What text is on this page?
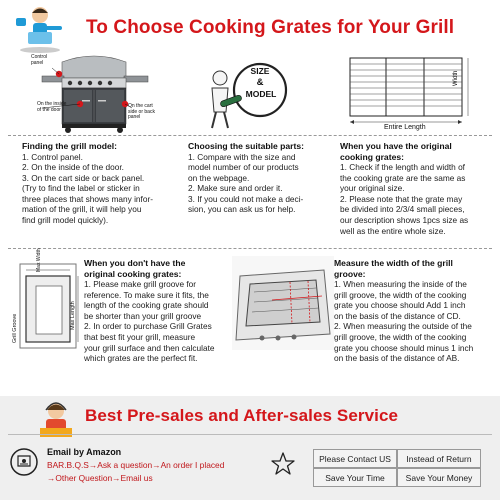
To Choose Cooking Grates for Your Grill
Control panel
On the inside of the door
On the cart side or back panel
SIZE
&
MODEL
Width
Entire Length
Finding the grill model:
1. Control panel.
2. On the inside of the door.
3. On the cart side or back panel.
(Try to find the label or sticker in
three places that shows many infor-
mation of the grill, it will help you
find grill model quickly).
Choosing the suitable parts:
1. Compare with the size and
model number of our products
on the webpage.
2. Make sure and order it.
3. If you could not make a deci-
sion, you can ask us for help.
When you have the original
cooking grates:
1. Check if the length and width of
the cooking grate are the same as
your original size.
2. Please note that the grate may
be divided into 2/3/4 small pieces,
our description shows 1pcs size as
well as the entire whole size.
Max Width
Grill Groove	Max Length
When you don't have the
original cooking grates:
1. Please make grill groove for
reference. To make sure it fits, the
length of the cooking grate should
be shorter than your grill groove
2. In order to purchase Grill Grates
that best fit your grill, measure
your grill surface and then calculate
which grates are the perfect fit.
Measure the width of the grill
groove:
1. When measuring the inside of the
grill groove, the width of the cooking
grate you choose should Add 1 inch
on the basis of the distance of CD.
2. When measuring the outside of the
grill groove, the width of the cooking
grate you choose should minus 1 inch
on the basis of the distance of AB.
Best Pre-sales and After-sales Service
Email by Amazon
BAR.B.Q.S→Ask a question→An order I placed
→Other Question→Email us
Please Contact US	Instead of Return
Save Your Time	Save Your Money
